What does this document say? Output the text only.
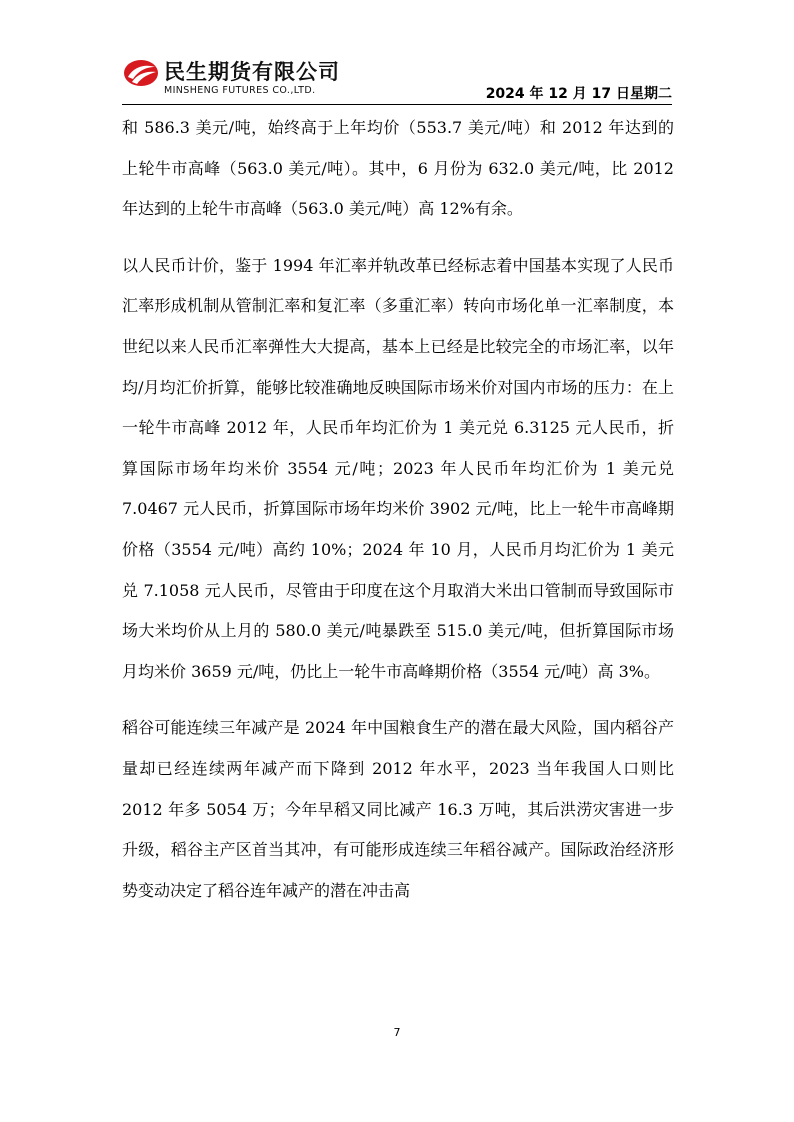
民生期货有限公司
MINSHENG FUTURES CO.,LTD.	2024 年 12 月 17 日星期二

和 586.3 美元/吨，始终高于上年均价（553.7 美元/吨）和 2012 年达到的上轮牛市高峰（563.0 美元/吨）。其中，6 月份为 632.0 美元/吨，比 2012 年达到的上轮牛市高峰（563.0 美元/吨）高 12%有余。

以人民币计价，鉴于 1994 年汇率并轨改革已经标志着中国基本实现了人民币汇率形成机制从管制汇率和复汇率（多重汇率）转向市场化单一汇率制度，本世纪以来人民币汇率弹性大大提高，基本上已经是比较完全的市场汇率，以年均/月均汇价折算，能够比较准确地反映国际市场米价对国内市场的压力：在上一轮牛市高峰 2012 年，人民币年均汇价为 1 美元兑 6.3125 元人民币，折算国际市场年均米价 3554 元/吨；2023 年人民币年均汇价为 1 美元兑 7.0467 元人民币，折算国际市场年均米价 3902 元/吨，比上一轮牛市高峰期价格（3554 元/吨）高约 10%；2024 年 10 月，人民币月均汇价为 1 美元兑 7.1058 元人民币，尽管由于印度在这个月取消大米出口管制而导致国际市场大米均价从上月的 580.0 美元/吨暴跌至 515.0 美元/吨，但折算国际市场月均米价 3659 元/吨，仍比上一轮牛市高峰期价格（3554 元/吨）高 3%。

稻谷可能连续三年减产是 2024 年中国粮食生产的潜在最大风险，国内稻谷产量却已经连续两年减产而下降到 2012 年水平，2023 当年我国人口则比 2012 年多 5054 万；今年早稻又同比减产 16.3 万吨，其后洪涝灾害进一步升级，稻谷主产区首当其冲，有可能形成连续三年稻谷减产。国际政治经济形势变动决定了稻谷连年减产的潜在冲击高

7
